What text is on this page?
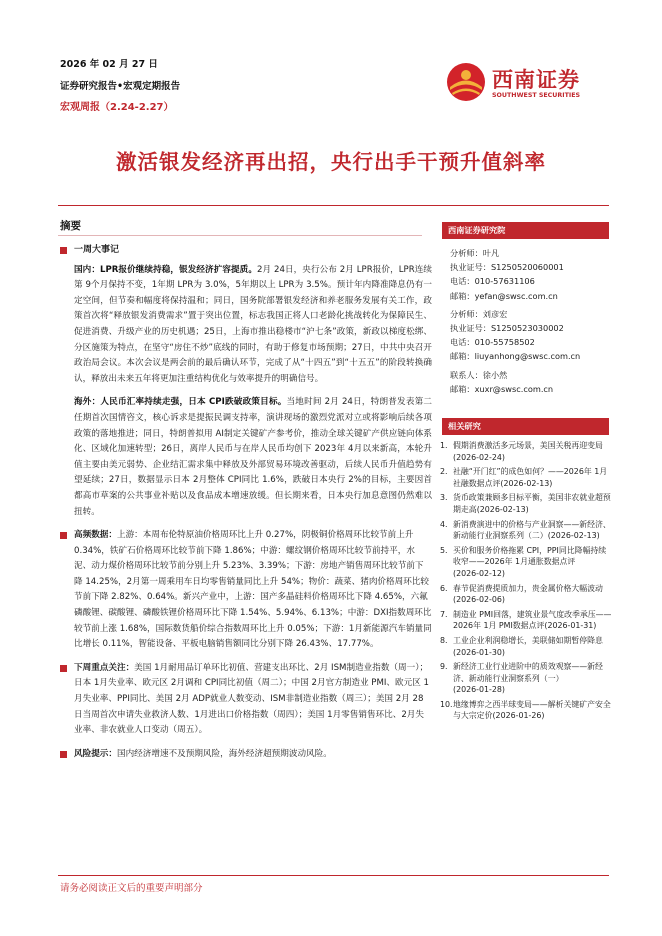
2026 年 02 月 27 日
证券研究报告•宏观定期报告
宏观周报（2.24-2.27）
西南证券
SOUTHWEST SECURITIES
激活银发经济再出招，央行出手干预升值斜率
摘要
一周大事记
国内：LPR报价继续持稳，银发经济扩容提质。2月 24日，央行公布 2月 LPR报价，LPR连续第 9个月保持不变，1年期 LPR为 3.0%，5年期以上 LPR为 3.5%。预计年内降准降息仍有一定空间，但节奏和幅度将保持温和；同日，国务院部署银发经济和养老服务发展有关工作，政策首次将“释放银发消费需求”置于突出位置，标志我国正将人口老龄化挑战转化为保障民生、促进消费、升级产业的历史机遇；25日，上海市推出稳楼市“沪七条”政策，新政以梯度松绑、分区施策为特点，在坚守“房住不炒”底线的同时，有助于修复市场预期；27日，中共中央召开政治局会议。本次会议是两会前的最后确认环节，完成了从“十四五”到“十五五”的阶段转换确认，释放出未来五年将更加注重结构优化与效率提升的明确信号。
海外：人民币汇率持续走强，日本 CPI跌破政策目标。当地时间 2月 24日，特朗普发表第二任期首次国情咨文，核心诉求是提振民调支持率，演讲现场的激烈党派对立或将影响后续各项政策的落地推进；同日，特朗普拟用 AI制定关键矿产参考价，推动全球关键矿产供应链向体系化、区域化加速转型；26日，离岸人民币与在岸人民币均创下 2023年 4月以来新高，本轮升值主要由美元弱势、企业结汇需求集中释放及外部贸易环境改善驱动，后续人民币升值趋势有望延续；27日，数据显示日本 2月整体 CPI同比 1.6%，跌破日本央行 2%的目标，主要因首都高市草案的公共事业补贴以及食品成本增速放缓。但长期来看，日本央行加息意图仍然难以扭转。
高频数据：上游：本周布伦特原油价格周环比上升 0.27%，阴极铜价格周环比较节前上升 0.34%，铁矿石价格周环比较节前下降 1.86%；中游：螺纹钢价格周环比较节前持平，水泥、动力煤价格周环比较节前分别上升 5.23%、3.39%；下游：房地产销售周环比较节前下降 14.25%，2月第一周乘用车日均零售销量同比上升 54%；物价：蔬菜、猪肉价格周环比较节前下降 2.82%、0.64%。新兴产业中，上游：国产多晶硅料价格周环比下降 4.65%，六氟磷酸锂、碳酸锂、磷酸铁锂价格周环比下降 1.54%、5.94%、6.13%；中游：DXI指数周环比较节前上涨 1.68%，国际数货船价综合指数周环比上升 0.05%；下游：1月新能源汽车销量同比增长 0.11%，智能设备、平板电脑销售额同比分别下降 26.43%、17.77%。
下周重点关注：美国 1月耐用品订单环比初值、营建支出环比、2月 ISM制造业指数（周一）；日本 1月失业率、欧元区 2月调和 CPI同比初值（周二）；中国 2月官方制造业 PMI、欧元区 1月失业率、PPI同比、美国 2月 ADP就业人数变动、ISM非制造业指数（周三）；美国 2月 28日当周首次申请失业救济人数、1月进出口价格指数（周四）；美国 1月零售销售环比、2月失业率、非农就业人口变动（周五）。
风险提示：国内经济增速不及预期风险，海外经济超预期波动风险。
西南证券研究院
分析师：叶凡
执业证号：S1250520060001
电话：010-57631106
邮箱：yefan@swsc.com.cn
分析师：刘彦宏
执业证号：S1250523030002
电话：010-55758502
邮箱：liuyanhong@swsc.com.cn
联系人：徐小然
邮箱：xuxr@swsc.com.cn
相关研究
1. 假期消费激活多元场景，美国关税再迎变局(2026-02-24)
2. 社融“开门红”的成色如何？——2026年 1月社融数据点评(2026-02-13)
3. 货币政策兼顾多目标平衡，美国非农就业超预期走高(2026-02-13)
4. 新消费演进中的价格与产业洞察——新经济、新动能行业洞察系列（二）(2026-02-13)
5. 买价和服务价格拖累 CPI，PPI同比降幅持续收窄——2026年 1月通胀数据点评(2026-02-12)
6. 春节促消费提质加力，贵金属价格大幅波动(2026-02-06)
7. 制造业 PMI回落，建筑业景气度改季承压——2026年 1月 PMI数据点评(2026-01-31)
8. 工业企业利润稳增长，美联储如期暂停降息(2026-01-30)
9. 新经济工业行业进阶中的质效观察——新经济、新动能行业洞察系列（一）(2026-01-28)
10. 地缘博弈之西半球变局——解析关键矿产安全与大宗定价(2026-01-26)
请务必阅读正文后的重要声明部分
